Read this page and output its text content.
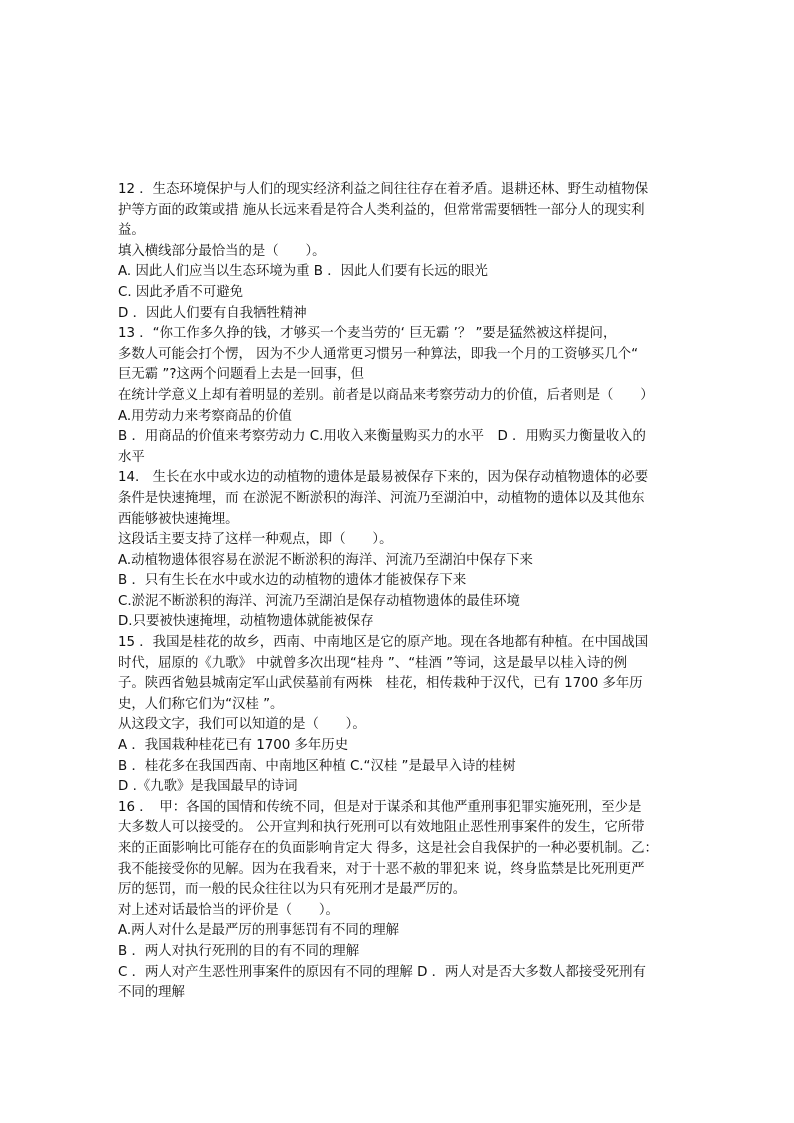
12 ．生态环境保护与人们的现实经济利益之间往往存在着矛盾。退耕还林、野生动植物保
护等方面的政策或措 施从长远来看是符合人类利益的，但常常需要牺牲一部分人的现实利
益。
填入横线部分最恰当的是（　　）。
A. 因此人们应当以生态环境为重 B ．因此人们要有长远的眼光
C. 因此矛盾不可避免
D ．因此人们要有自我牺牲精神
13 ．“你工作多久挣的钱，才够买一个麦当劳的‘ 巨无霸 ’？ ”要是猛然被这样提问，
多数人可能会打个愣， 因为不少人通常更习惯另一种算法，即我一个月的工资够买几个“
巨无霸 ”?这两个问题看上去是一回事，但
在统计学意义上却有着明显的差别。前者是以商品来考察劳动力的价值，后者则是（　　）
A.用劳动力来考察商品的价值
B ．用商品的价值来考察劳动力 C.用收入来衡量购买力的水平　D ．用购买力衡量收入的
水平
14.　生长在水中或水边的动植物的遗体是最易被保存下来的，因为保存动植物遗体的必要
条件是快速掩埋，而 在淤泥不断淤积的海洋、河流乃至湖泊中，动植物的遗体以及其他东
西能够被快速掩埋。
这段话主要支持了这样一种观点，即（　　）。
A.动植物遗体很容易在淤泥不断淤积的海洋、河流乃至湖泊中保存下来
B ．只有生长在水中或水边的动植物的遗体才能被保存下来
C.淤泥不断淤积的海洋、河流乃至湖泊是保存动植物遗体的最佳环境
D.只要被快速掩埋，动植物遗体就能被保存
15 ．我国是桂花的故乡，西南、中南地区是它的原产地。现在各地都有种植。在中国战国
时代，屈原的《九歌》 中就曾多次出现“桂舟 ”、“桂酒 ”等词，这是最早以桂入诗的例
子。陕西省勉县城南定军山武侯墓前有两株　桂花，相传栽种于汉代，已有 1700 多年历
史，人们称它们为“汉桂 ”。
从这段文字，我们可以知道的是（　　）。
A ．我国栽种桂花已有 1700 多年历史
B ．桂花多在我国西南、中南地区种植 C.“汉桂 ”是最早入诗的桂树
D .《九歌》是我国最早的诗词
16 ．　甲：各国的国情和传统不同，但是对于谋杀和其他严重刑事犯罪实施死刑，至少是
大多数人可以接受的。 公开宣判和执行死刑可以有效地阻止恶性刑事案件的发生，它所带
来的正面影响比可能存在的负面影响肯定大 得多，这是社会自我保护的一种必要机制。乙：
我不能接受你的见解。因为在我看来，对于十恶不赦的罪犯来 说，终身监禁是比死刑更严
厉的惩罚，而一般的民众往往以为只有死刑才是最严厉的。
对上述对话最恰当的评价是（　　）。
A.两人对什么是最严厉的刑事惩罚有不同的理解
B ．两人对执行死刑的目的有不同的理解
C ．两人对产生恶性刑事案件的原因有不同的理解 D ．两人对是否大多数人都接受死刑有
不同的理解
